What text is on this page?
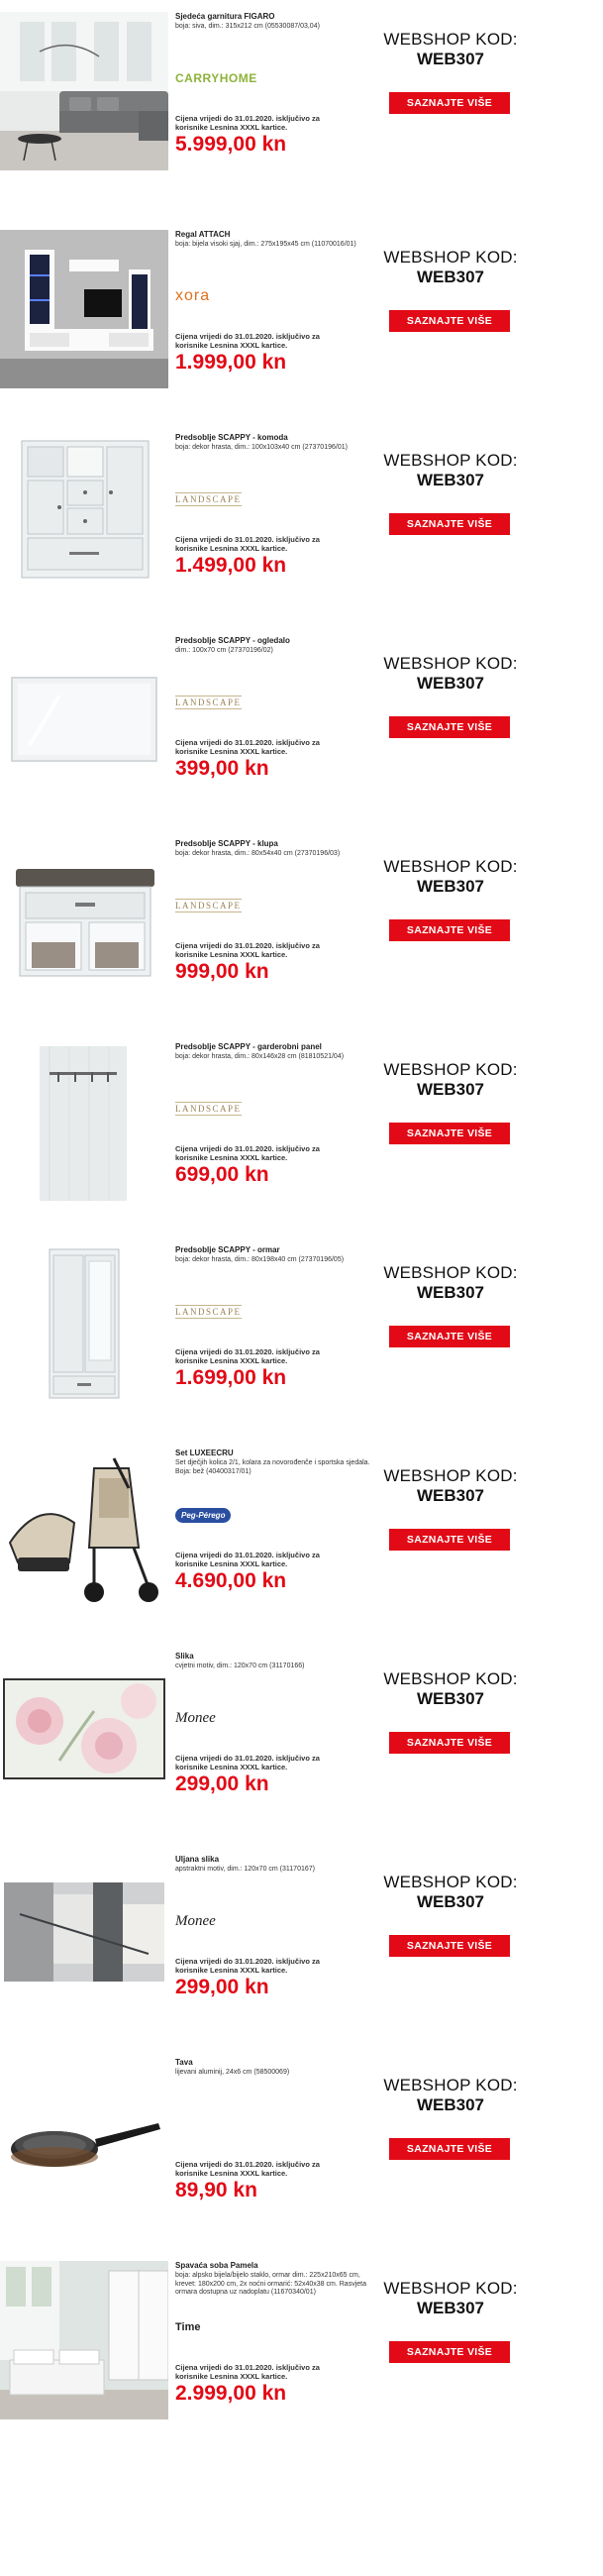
Sjedeća garnitura FIGARO
boja: siva, dim.: 315x212 cm (05530087/03,04)
CARRYHOME
Cijena vrijedi do 31.01.2020. isključivo za korisnike Lesnina XXXL kartice.
5.999,00 kn
WEBSHOP KOD:
WEB307
SAZNAJTE VIŠE
Regal ATTACH
boja: bijela visoki sjaj, dim.: 275x195x45 cm (11070016/01)
xora
Cijena vrijedi do 31.01.2020. isključivo za korisnike Lesnina XXXL kartice.
1.999,00 kn
WEBSHOP KOD:
WEB307
SAZNAJTE VIŠE
Predsoblje SCAPPY - komoda
boja: dekor hrasta, dim.: 100x103x40 cm (27370196/01)
LANDSCAPE
Cijena vrijedi do 31.01.2020. isključivo za korisnike Lesnina XXXL kartice.
1.499,00 kn
WEBSHOP KOD:
WEB307
SAZNAJTE VIŠE
Predsoblje SCAPPY - ogledalo
dim.: 100x70 cm (27370196/02)
LANDSCAPE
Cijena vrijedi do 31.01.2020. isključivo za korisnike Lesnina XXXL kartice.
399,00 kn
WEBSHOP KOD:
WEB307
SAZNAJTE VIŠE
Predsoblje SCAPPY - klupa
boja: dekor hrasta, dim.: 80x54x40 cm (27370196/03)
LANDSCAPE
Cijena vrijedi do 31.01.2020. isključivo za korisnike Lesnina XXXL kartice.
999,00 kn
WEBSHOP KOD:
WEB307
SAZNAJTE VIŠE
Predsoblje SCAPPY - garderobni panel
boja: dekor hrasta, dim.: 80x146x28 cm (81810521/04)
LANDSCAPE
Cijena vrijedi do 31.01.2020. isključivo za korisnike Lesnina XXXL kartice.
699,00 kn
WEBSHOP KOD:
WEB307
SAZNAJTE VIŠE
Predsoblje SCAPPY - ormar
boja: dekor hrasta, dim.: 80x198x40 cm (27370196/05)
LANDSCAPE
Cijena vrijedi do 31.01.2020. isključivo za korisnike Lesnina XXXL kartice.
1.699,00 kn
WEBSHOP KOD:
WEB307
SAZNAJTE VIŠE
Set LUXEECRU
Set dječjih kolica 2/1, kolara za novorođenče i sportska sjedala. Boja: bež (40400317/01)
Peg-Pérego
Cijena vrijedi do 31.01.2020. isključivo za korisnike Lesnina XXXL kartice.
4.690,00 kn
WEBSHOP KOD:
WEB307
SAZNAJTE VIŠE
Slika
cvjetni motiv, dim.: 120x70 cm (31170166)
Monee
Cijena vrijedi do 31.01.2020. isključivo za korisnike Lesnina XXXL kartice.
299,00 kn
WEBSHOP KOD:
WEB307
SAZNAJTE VIŠE
Uljana slika
apstraktni motiv, dim.: 120x70 cm (31170167)
Monee
Cijena vrijedi do 31.01.2020. isključivo za korisnike Lesnina XXXL kartice.
299,00 kn
WEBSHOP KOD:
WEB307
SAZNAJTE VIŠE
Tava
lijevani aluminij, 24x6 cm (58500069)
Cijena vrijedi do 31.01.2020. isključivo za korisnike Lesnina XXXL kartice.
89,90 kn
WEBSHOP KOD:
WEB307
SAZNAJTE VIŠE
Spavaća soba Pamela
boja: alpsko bijela/bijelo staklo, ormar dim.: 225x210x65 cm, krevet: 180x200 cm, 2x noćni ormarić: 52x40x38 cm. Rasvjeta ormara dostupna uz nadoplatu (11670340/01)
Time
Cijena vrijedi do 31.01.2020. isključivo za korisnike Lesnina XXXL kartice.
2.999,00 kn
WEBSHOP KOD:
WEB307
SAZNAJTE VIŠE
